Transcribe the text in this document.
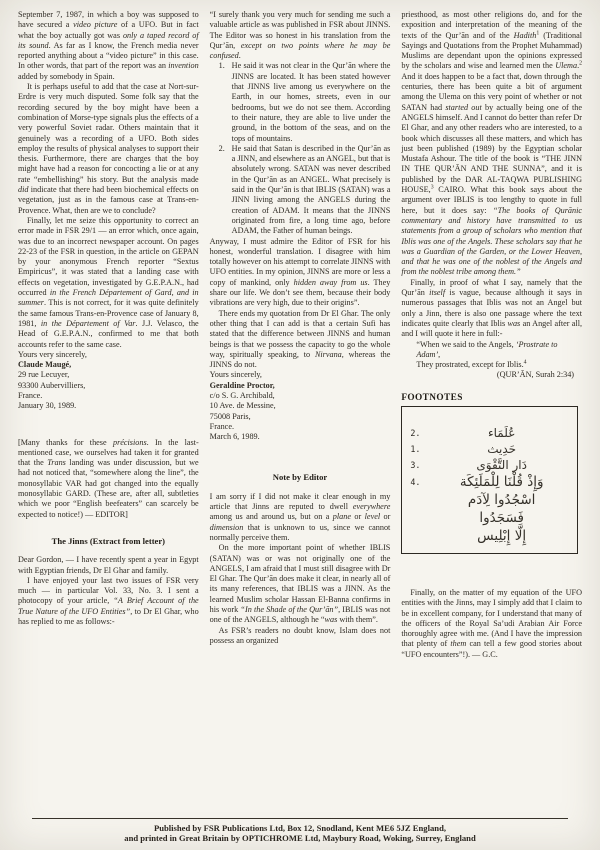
September 7, 1987, in which a boy was supposed to have secured a video picture of a UFO. But in fact what the boy actually got was only a taped record of its sound. As far as I know, the French media never reported anything about a “video picture” in this case. In other words, that part of the report was an invention added by somebody in Spain.

It is perhaps useful to add that the case at Nort-sur-Erdre is very much disputed. Some folk say that the recording secured by the boy might have been a combination of Morse-type signals plus the effects of a very powerful Soviet radar. Others maintain that it genuinely was a recording of a UFO. Both sides employ the results of physical analyses to support their thesis. Furthermore, there are charges that the boy might have had a reason for concocting a lie or at any rate “embellishing” his story. But the analysis made did indicate that there had been biochemical effects on vegetation, just as in the famous case at Trans-en-Provence. What, then are we to conclude?

Finally, let me seize this opportunity to correct an error made in FSR 29/1 — an error which, once again, was due to an incorrect newspaper account. On pages 22-23 of the FSR in question, in the article on GEPAN by your anonymous French reporter “Sextus Empiricus”, it was stated that a landing case with effects on vegetation, investigated by G.E.P.A.N., had occurred in the French Département of Gard, and in summer. This is not correct, for it was quite definitely the same famous Trans-en-Provence case of January 8, 1981, in the Département of Var. J.J. Velasco, the Head of G.E.P.A.N., confirmed to me that both accounts refer to the same case.

Yours very sincerely,
Claude Maugé,
29 rue Lecuyer,
93300 Aubervilliers,
France.
January 30, 1989.

[Many thanks for these précisions. In the last-mentioned case, we ourselves had taken it for granted that the Trans landing was under discussion, but we had not noticed that, “somewhere along the line”, the monosyllabic VAR had got changed into the equally monosyllabic GARD. (These are, after all, subtleties which we poor “English beefeaters” can scarcely be expected to notice!) — EDITOR]

The Jinns (Extract from letter)

Dear Gordon, — I have recently spent a year in Egypt with Egyptian friends, Dr El Ghar and family.

I have enjoyed your last two issues of FSR very much — in particular Vol. 33, No. 3. I sent a photocopy of your article, “A Brief Account of the True Nature of the UFO Entities”, to Dr El Ghar, who has replied to me as follows:-

“I surely thank you very much for sending me such a valuable article as was published in FSR about JINNS. The Editor was so honest in his translation from the Qur’ān, except on two points where he may be confused.

1. He said it was not clear in the Qur’ān where the JINNS are located. It has been stated however that JINNS live among us everywhere on the Earth, in our homes, streets, even in our bedrooms, but we do not see them. According to their nature, they are able to live under the ground, in the bottom of the seas, and on the tops of mountains.
2. He said that Satan is described in the Qur’ān as a JINN, and elsewhere as an ANGEL, but that is absolutely wrong. SATAN was never described in the Qur’ān as an ANGEL. What precisely is said in the Qur’ān is that IBLIS (SATAN) was a JINN living among the ANGELS during the creation of ADAM. It means that the JINNS originated from fire, a long time ago, before ADAM, the Father of human beings.

Anyway, I must admire the Editor of FSR for his honest, wonderful translation. I disagree with him totally however on his attempt to correlate JINNS with UFO entities. In my opinion, JINNS are more or less a copy of mankind, only hidden away from us. They share our life. We don’t see them, because their body vibrations are very high, due to their origins”.

There ends my quotation from Dr El Ghar. The only other thing that I can add is that a certain Sufi has stated that the difference between JINNS and human beings is that we possess the capacity to go the whole way, spiritually speaking, to Nirvana, whereas the JINNS do not.

Yours sincerely,
Geraldine Proctor,
c/o S. G. Archibald,
10 Ave. de Messine,
75008 Paris,
France.
March 6, 1989.
Note by Editor

I am sorry if I did not make it clear enough in my article that Jinns are reputed to dwell everywhere among us and around us, but on a plane or level or dimension that is unknown to us, since we cannot normally perceive them.

On the more important point of whether IBLIS (SATAN) was or was not originally one of the ANGELS, I am afraid that I must still disagree with Dr El Ghar. The Qur’ān does make it clear, in nearly all of its many references, that IBLIS was a JINN. As the learned Muslim scholar Hassan El-Banna confirms in his work “In the Shade of the Qur’ān”, IBLIS was not one of the ANGELS, although he “was with them”.

As FSR’s readers no doubt know, Islam does not possess an organized

priesthood, as most other religions do, and for the exposition and interpretation of the meaning of the texts of the Qur’ān and of the Hadith$^1$ (Traditional Sayings and Quotations from the Prophet Muhammad) Muslims are dependant upon the opinions expressed by the scholars and wise and learned men the Ulema.$^2$ And it does happen to be a fact that, down through the centuries, there has been quite a bit of argument among the Ulema on this very point of whether or not SATAN had started out by actually being one of the ANGELS himself. And I cannot do better than refer Dr El Ghar, and any other readers who are interested, to a book which discusses all these matters, and which has just been published (1989) by the Egyptian scholar Mustafa Ashour. The title of the book is “THE JINN IN THE QUR’ĀN AND THE SUNNA”, and it is published by the DAR AL-TAQWA PUBLISHING HOUSE,$^3$ CAIRO. What this book says about the argument over IBLIS is too lengthy to quote in full here, but it does say: “The books of Qurānic commentary and history have transmitted to us statements from a group of scholars who mention that Iblis was one of the Angels. These scholars say that he was a Guardian of the Garden, or the Lower Heaven, and that he was one of the noblest of the Angels and from the noblest tribe among them.”

Finally, in proof of what I say, namely that the Qur’ān itself is vague, because although it says in numerous passages that Iblis was not an Angel but only a Jinn, there is also one passage where the text indicates quite clearly that Iblis was an Angel after all, and I will quote it here in full:-

“When we said to the Angels, ‘Prostrate to Adam’,
They prostrated, except for Iblis.$^4$
(QUR’ĀN, Surah 2:34)
FOOTNOTES
2.	عُلَمَاء
1.	حَدِيث
3.	دَار التَّقْوَى
4.	وَإِذْ قُلْنَا لِلْمَلَئِكَة
اسْجُدُوا لِآدَم
فَسَجَدُوا
إِلَّا إِبْلِيس

Finally, on the matter of my equation of the UFO entities with the Jinns, may I simply add that I claim to be in excellent company, for I understand that many of the officers of the Royal Sa’udi Arabian Air Force thoroughly agree with me. (And I have the impression that plenty of them can tell a few good stories about “UFO encounters”!). — G.C.

Published by FSR Publications Ltd, Box 12, Snodland, Kent ME6 5JZ England,
and printed in Great Britain by OPTICHROME Ltd, Maybury Road, Woking, Surrey, England
